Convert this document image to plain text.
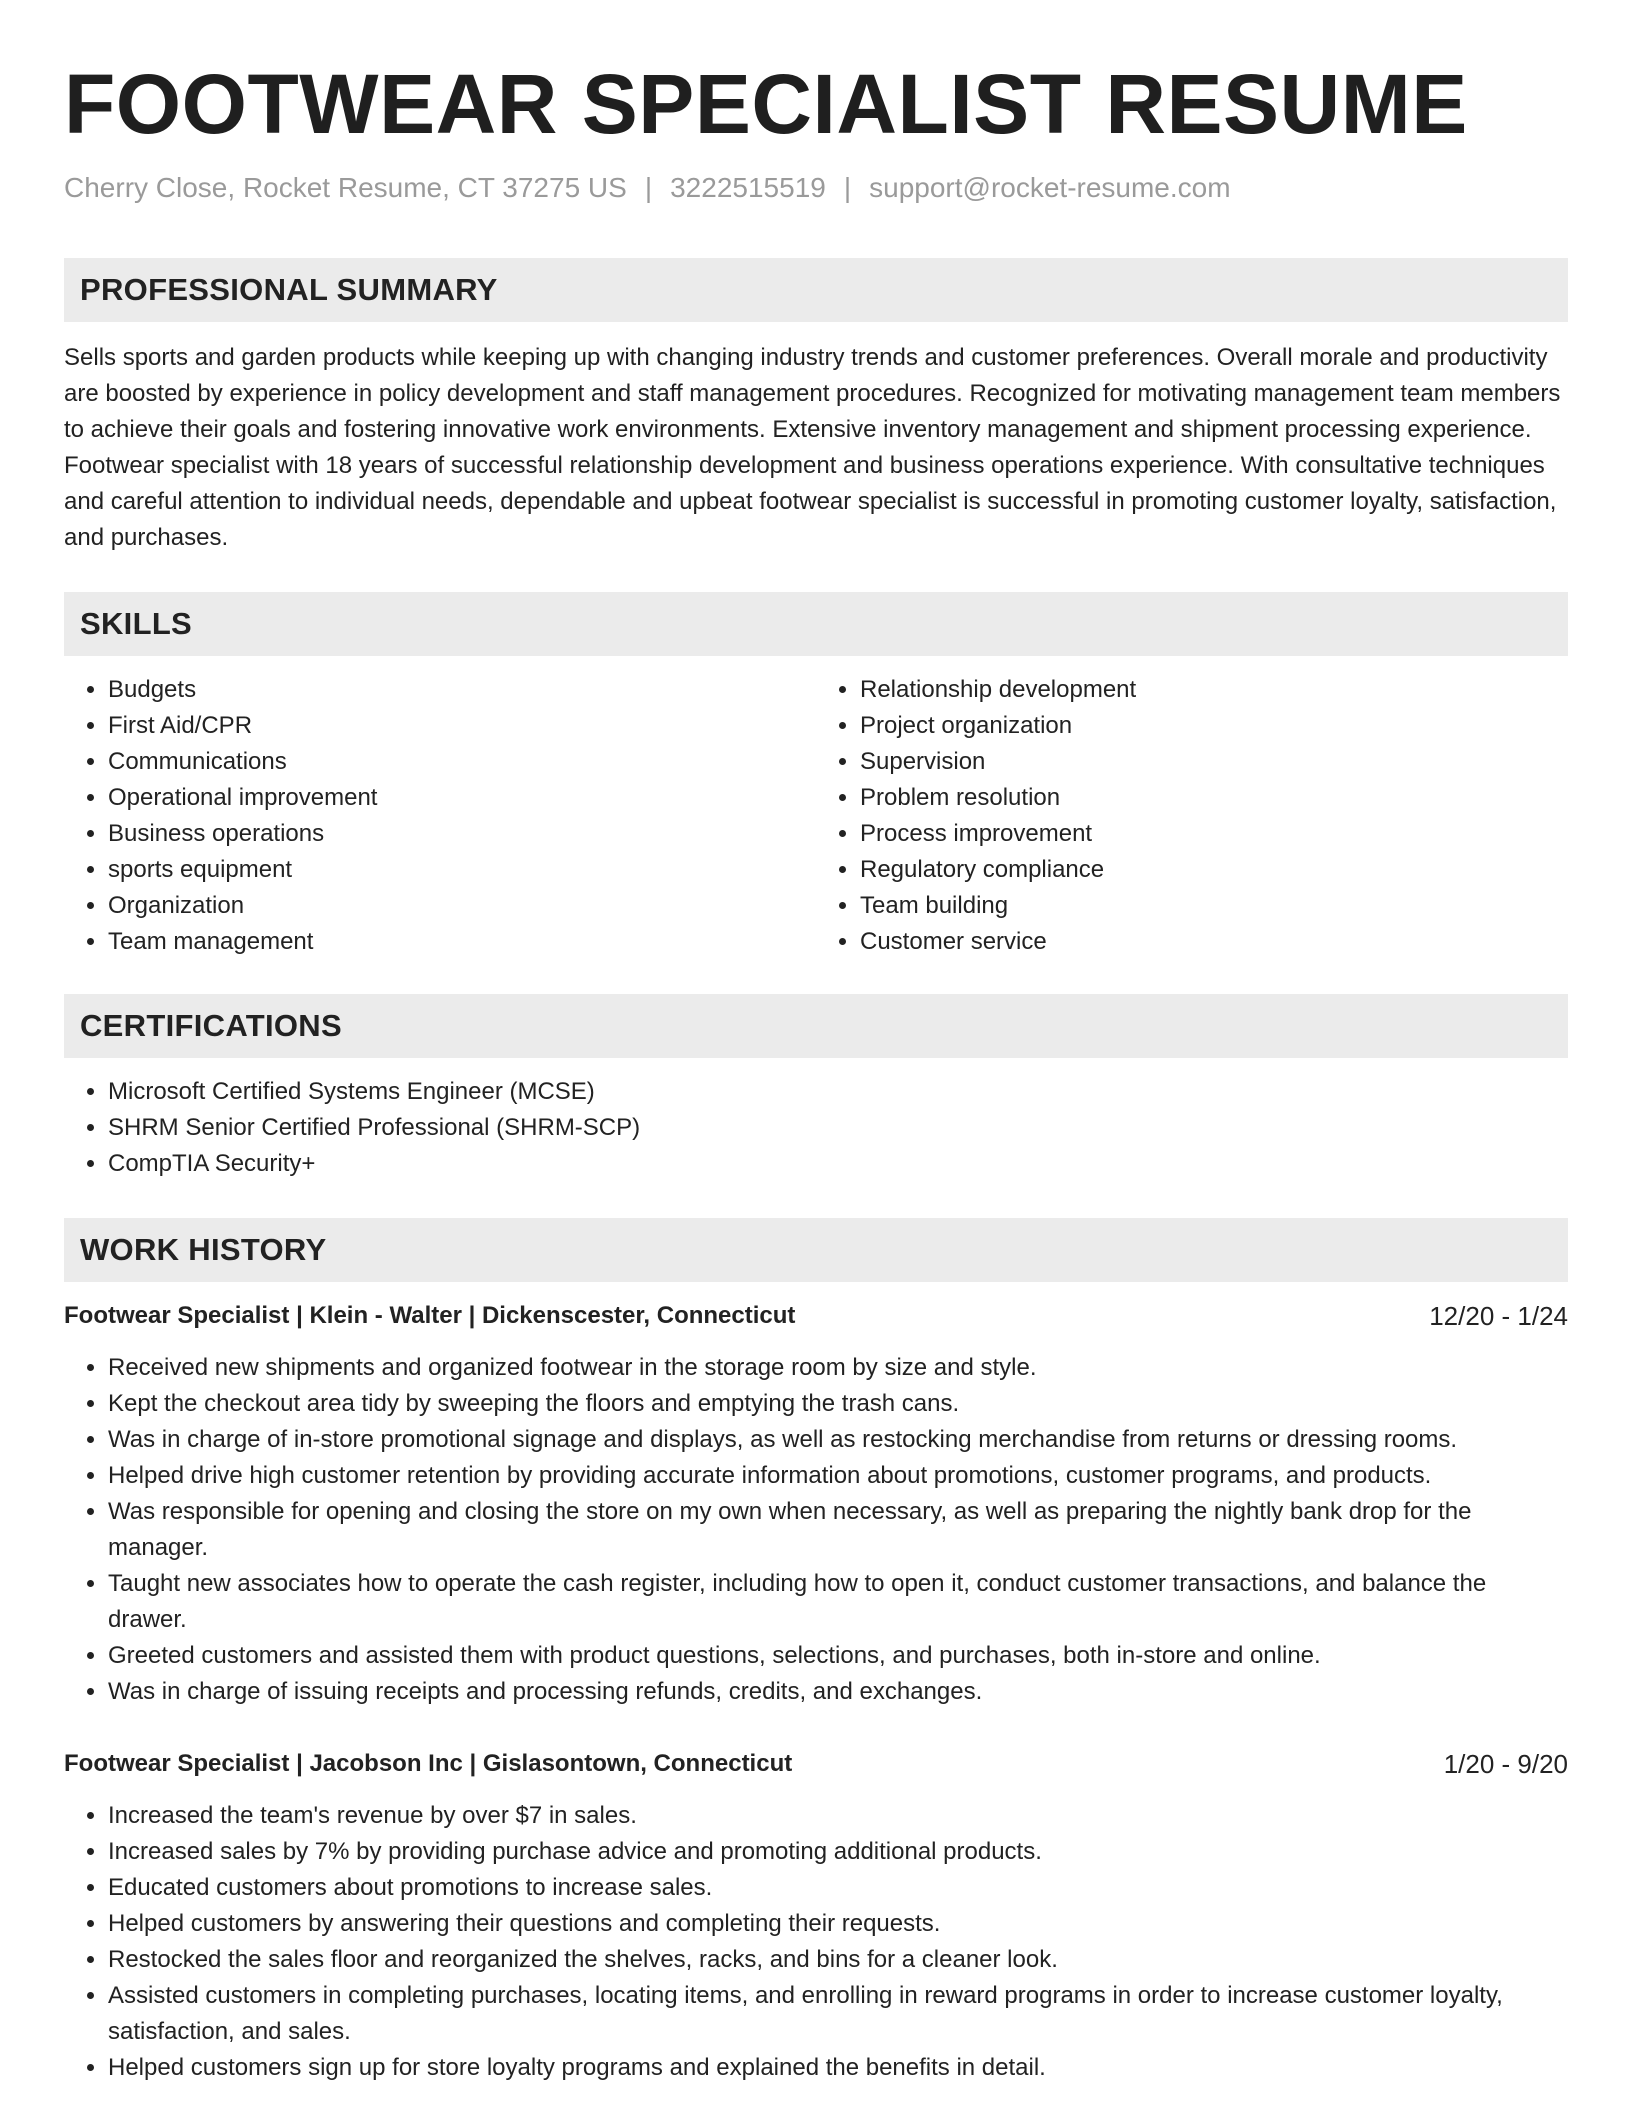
FOOTWEAR SPECIALIST RESUME
Cherry Close, Rocket Resume, CT 37275 US | 3222515519 | support@rocket-resume.com
PROFESSIONAL SUMMARY

Sells sports and garden products while keeping up with changing industry trends and customer preferences. Overall morale and productivity are boosted by experience in policy development and staff management procedures. Recognized for motivating management team members to achieve their goals and fostering innovative work environments. Extensive inventory management and shipment processing experience. Footwear specialist with 18 years of successful relationship development and business operations experience. With consultative techniques and careful attention to individual needs, dependable and upbeat footwear specialist is successful in promoting customer loyalty, satisfaction, and purchases.

SKILLS
• Budgets
• First Aid/CPR
• Communications
• Operational improvement
• Business operations
• sports equipment
• Organization
• Team management
• Relationship development
• Project organization
• Supervision
• Problem resolution
• Process improvement
• Regulatory compliance
• Team building
• Customer service
CERTIFICATIONS
• Microsoft Certified Systems Engineer (MCSE)
• SHRM Senior Certified Professional (SHRM-SCP)
• CompTIA Security+
WORK HISTORY
Footwear Specialist | Klein - Walter | Dickenscester, Connecticut	12/20 - 1/24
• Received new shipments and organized footwear in the storage room by size and style.
• Kept the checkout area tidy by sweeping the floors and emptying the trash cans.
• Was in charge of in-store promotional signage and displays, as well as restocking merchandise from returns or dressing rooms.
• Helped drive high customer retention by providing accurate information about promotions, customer programs, and products.
• Was responsible for opening and closing the store on my own when necessary, as well as preparing the nightly bank drop for the manager.
• Taught new associates how to operate the cash register, including how to open it, conduct customer transactions, and balance the drawer.
• Greeted customers and assisted them with product questions, selections, and purchases, both in-store and online.
• Was in charge of issuing receipts and processing refunds, credits, and exchanges.
Footwear Specialist | Jacobson Inc | Gislasontown, Connecticut	1/20 - 9/20
• Increased the team's revenue by over $7 in sales.
• Increased sales by 7% by providing purchase advice and promoting additional products.
• Educated customers about promotions to increase sales.
• Helped customers by answering their questions and completing their requests.
• Restocked the sales floor and reorganized the shelves, racks, and bins for a cleaner look.
• Assisted customers in completing purchases, locating items, and enrolling in reward programs in order to increase customer loyalty, satisfaction, and sales.
• Helped customers sign up for store loyalty programs and explained the benefits in detail.
